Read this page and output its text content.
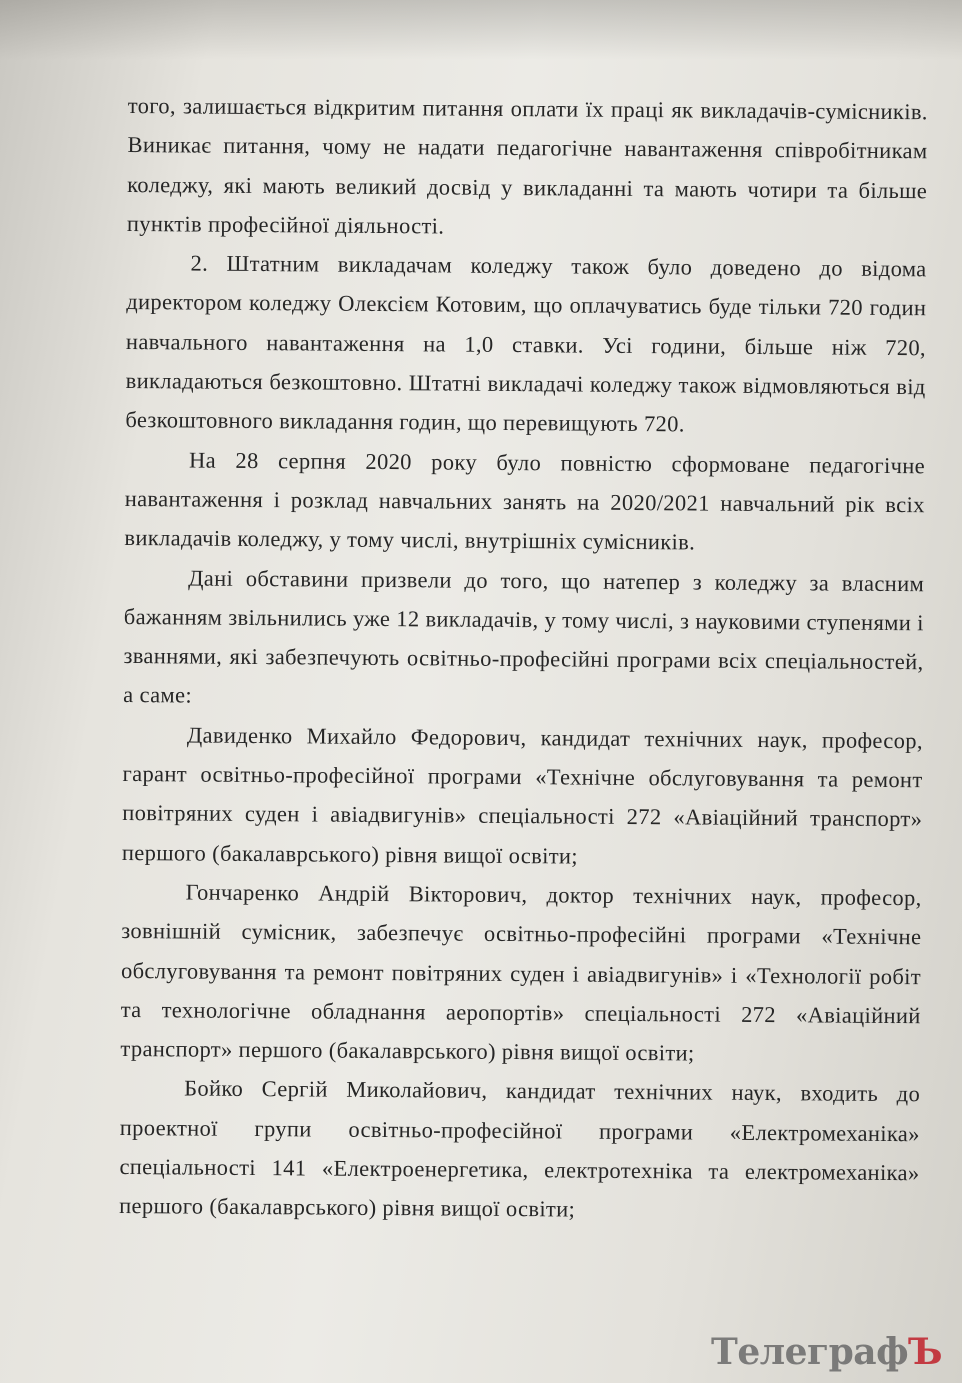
того, залишається відкритим питання оплати їх праці як викладачів-сумісників. Виникає питання, чому не надати педагогічне навантаження співробітникам коледжу, які мають великий досвід у викладанні та мають чотири та більше пунктів професійної діяльності.

2. Штатним викладачам коледжу також було доведено до відома директором коледжу Олексієм Котовим, що оплачуватись буде тільки 720 годин навчального навантаження на 1,0 ставки. Усі години, більше ніж 720, викладаються безкоштовно. Штатні викладачі коледжу також відмовляються від безкоштовного викладання годин, що перевищують 720.

На 28 серпня 2020 року було повністю сформоване педагогічне навантаження і розклад навчальних занять на 2020/2021 навчальний рік всіх викладачів коледжу, у тому числі, внутрішніх сумісників.

Дані обставини призвели до того, що натепер з коледжу за власним бажанням звільнились уже 12 викладачів, у тому числі, з науковими ступенями і званнями, які забезпечують освітньо-професійні програми всіх спеціальностей, а саме:

Давиденко Михайло Федорович, кандидат технічних наук, професор, гарант освітньо-професійної програми «Технічне обслуговування та ремонт повітряних суден і авіадвигунів» спеціальності 272 «Авіаційний транспорт» першого (бакалаврського) рівня вищої освіти;

Гончаренко Андрій Вікторович, доктор технічних наук, професор, зовнішній сумісник, забезпечує освітньо-професійні програми «Технічне обслуговування та ремонт повітряних суден і авіадвигунів» і «Технології робіт та технологічне обладнання аеропортів» спеціальності 272 «Авіаційний транспорт» першого (бакалаврського) рівня вищої освіти;

Бойко Сергій Миколайович, кандидат технічних наук, входить до проектної групи освітньо-професійної програми «Електромеханіка» спеціальності 141 «Електроенергетика, електротехніка та електромеханіка» першого (бакалаврського) рівня вищої освіти;

ТелеграфЪ
